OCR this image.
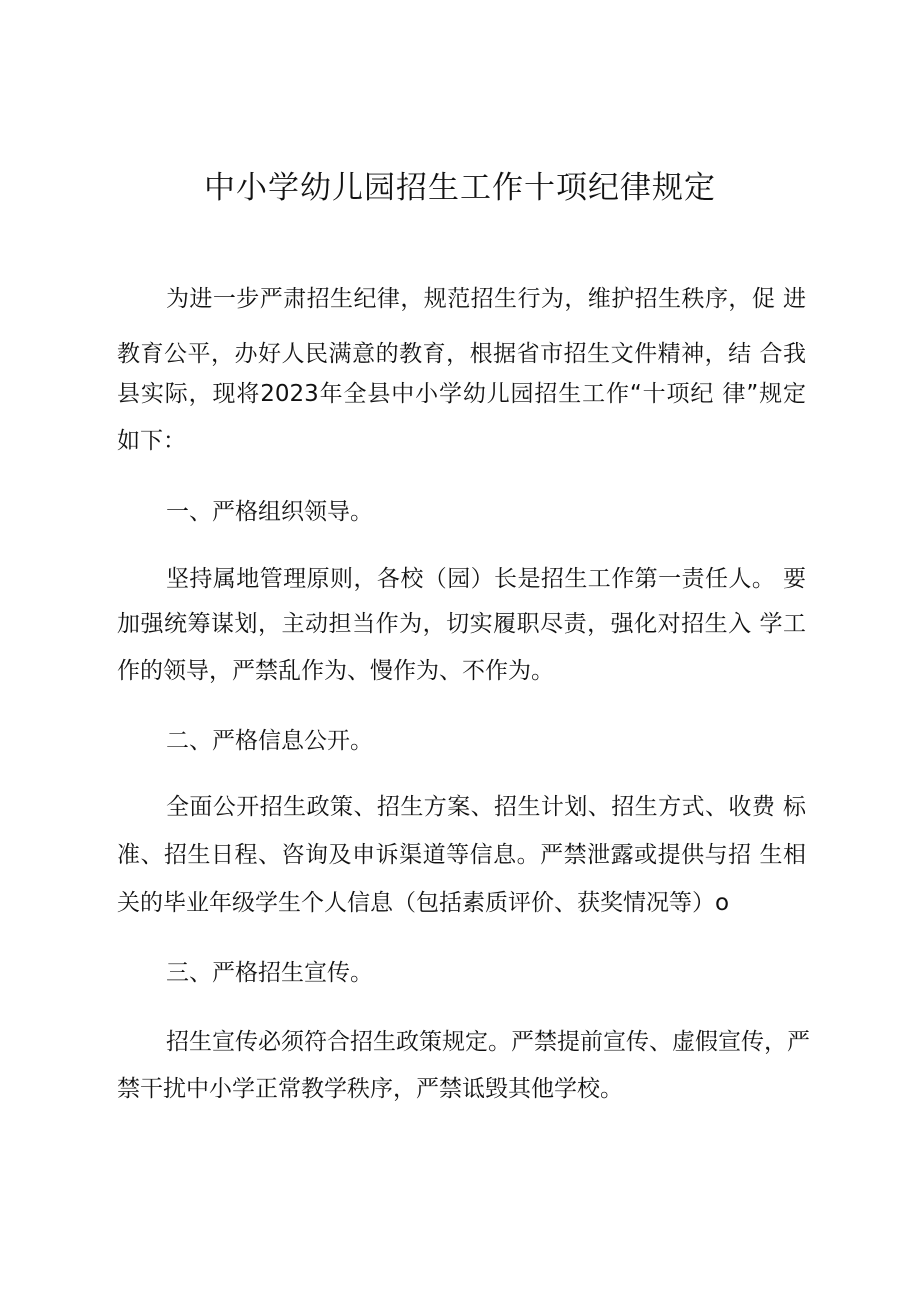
中小学幼儿园招生工作十项纪律规定
为进一步严肃招生纪律，规范招生行为，维护招生秩序，促 进
教育公平，办好人民满意的教育，根据省市招生文件精神，结 合我
县实际，现将2023年全县中小学幼儿园招生工作“十项纪 律”规定
如下：
一、严格组织领导。
坚持属地管理原则，各校（园）长是招生工作第一责任人。 要
加强统筹谋划，主动担当作为，切实履职尽责，强化对招生入 学工
作的领导，严禁乱作为、慢作为、不作为。
二、严格信息公开。
全面公开招生政策、招生方案、招生计划、招生方式、收费 标
准、招生日程、咨询及申诉渠道等信息。严禁泄露或提供与招 生相
关的毕业年级学生个人信息（包括素质评价、获奖情况等）o
三、严格招生宣传。
招生宣传必须符合招生政策规定。严禁提前宣传、虚假宣传，严
禁干扰中小学正常教学秩序，严禁诋毁其他学校。
